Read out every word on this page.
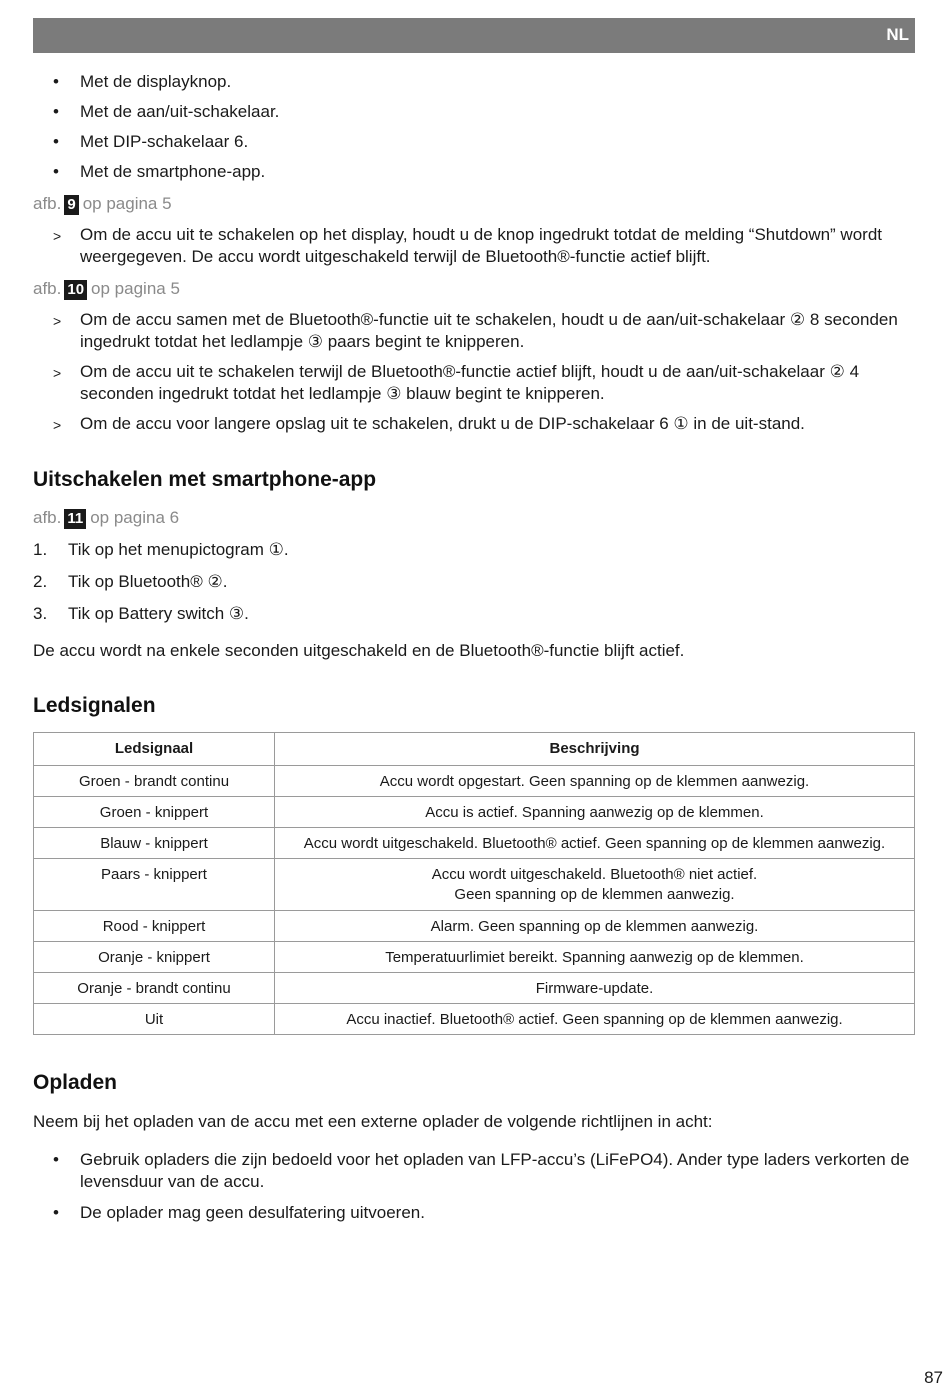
NL
•	Met de displayknop.
•	Met de aan/uit-schakelaar.
•	Met DIP-schakelaar 6.
•	Met de smartphone-app.
afb. 9 op pagina 5
> Om de accu uit te schakelen op het display, houdt u de knop ingedrukt totdat de melding “Shutdown” wordt weergegeven. De accu wordt uitgeschakeld terwijl de Bluetooth®-functie actief blijft.
afb. 10 op pagina 5
> Om de accu samen met de Bluetooth®-functie uit te schakelen, houdt u de aan/uit-schakelaar ② 8 seconden ingedrukt totdat het ledlampje ③ paars begint te knipperen.
> Om de accu uit te schakelen terwijl de Bluetooth®-functie actief blijft, houdt u de aan/uit-schakelaar ② 4 seconden ingedrukt totdat het ledlampje ③ blauw begint te knipperen.
> Om de accu voor langere opslag uit te schakelen, drukt u de DIP-schakelaar 6 ① in de uit-stand.
Uitschakelen met smartphone-app
afb. 11 op pagina 6
1. Tik op het menupictogram ①.
2. Tik op Bluetooth® ②.
3. Tik op Battery switch ③.
De accu wordt na enkele seconden uitgeschakeld en de Bluetooth®-functie blijft actief.
Ledsignalen
Ledsignaal	Beschrijving
Groen - brandt continu	Accu wordt opgestart. Geen spanning op de klemmen aanwezig.
Groen - knippert	Accu is actief. Spanning aanwezig op de klemmen.
Blauw - knippert	Accu wordt uitgeschakeld. Bluetooth® actief. Geen spanning op de klemmen aanwezig.
Paars - knippert	Accu wordt uitgeschakeld. Bluetooth® niet actief. Geen spanning op de klemmen aanwezig.

Rood - knippert	Alarm. Geen spanning op de klemmen aanwezig.
Oranje - knippert	Temperatuurlimiet bereikt. Spanning aanwezig op de klemmen.
Oranje - brandt continu	Firmware-update.
Uit	Accu inactief. Bluetooth® actief. Geen spanning op de klemmen aanwezig.
Opladen
Neem bij het opladen van de accu met een externe oplader de volgende richtlijnen in acht:
•	Gebruik opladers die zijn bedoeld voor het opladen van LFP-accu’s (LiFePO4). Ander type laders verkorten de levensduur van de accu.
•	De oplader mag geen desulfatering uitvoeren.
87
